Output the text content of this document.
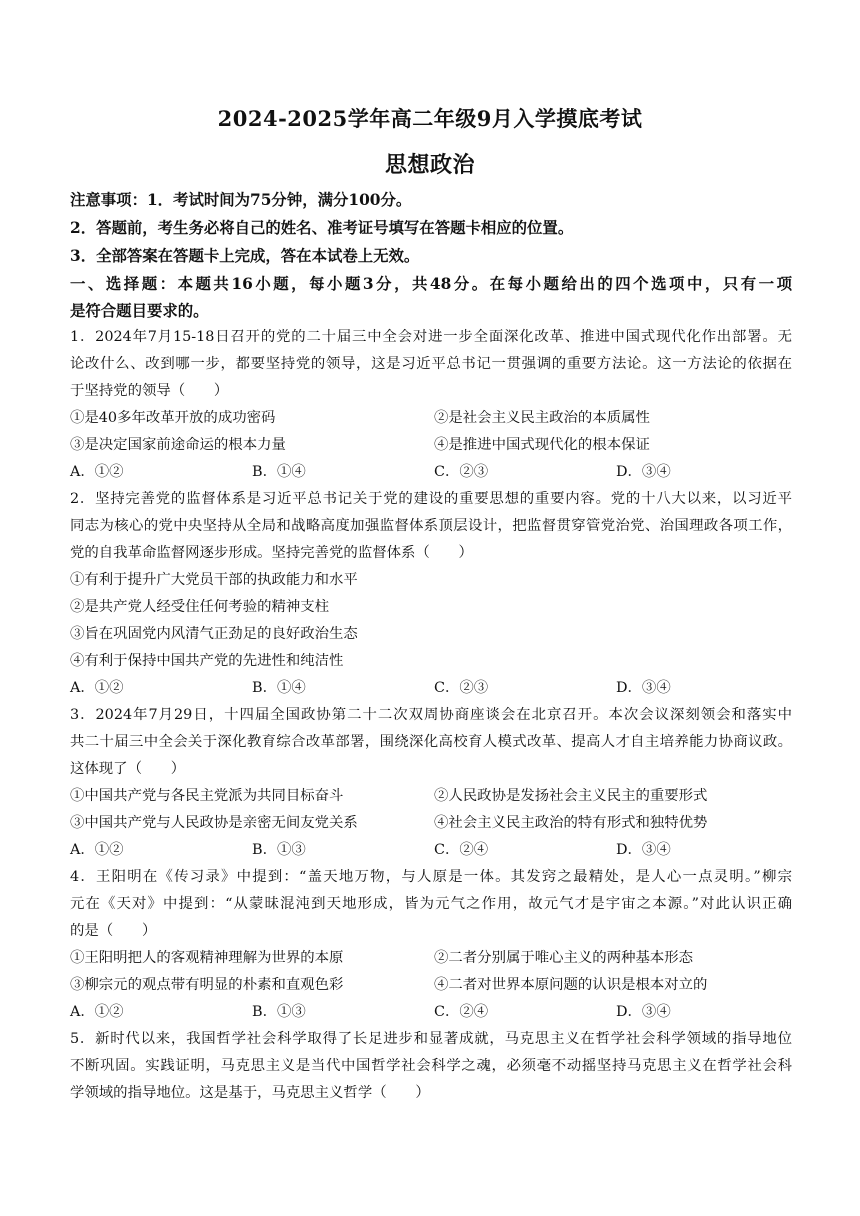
2024-2025学年高二年级9月入学摸底考试
思想政治
注意事项：1．考试时间为75分钟，满分100分。
2．答题前，考生务必将自己的姓名、准考证号填写在答题卡相应的位置。
3．全部答案在答题卡上完成，答在本试卷上无效。
一、选择题：本题共16小题，每小题3分，共48分。在每小题给出的四个选项中，只有一项
是符合题目要求的。
1．2024年7月15-18日召开的党的二十届三中全会对进一步全面深化改革、推进中国式现代化作出部署。无
论改什么、改到哪一步，都要坚持党的领导，这是习近平总书记一贯强调的重要方法论。这一方法论的依据在
于坚持党的领导（　　）
①是40多年改革开放的成功密码	②是社会主义民主政治的本质属性
③是决定国家前途命运的根本力量	④是推进中国式现代化的根本保证
A．①②	B．①④	C．②③	D．③④
2．坚持完善党的监督体系是习近平总书记关于党的建设的重要思想的重要内容。党的十八大以来，以习近平
同志为核心的党中央坚持从全局和战略高度加强监督体系顶层设计，把监督贯穿管党治党、治国理政各项工作，
党的自我革命监督网逐步形成。坚持完善党的监督体系（　　）
①有利于提升广大党员干部的执政能力和水平
②是共产党人经受住任何考验的精神支柱
③旨在巩固党内风清气正劲足的良好政治生态
④有利于保持中国共产党的先进性和纯洁性
A．①②	B．①④	C．②③	D．③④
3．2024年7月29日，十四届全国政协第二十二次双周协商座谈会在北京召开。本次会议深刻领会和落实中
共二十届三中全会关于深化教育综合改革部署，围绕深化高校育人模式改革、提高人才自主培养能力协商议政。
这体现了（　　）
①中国共产党与各民主党派为共同目标奋斗	②人民政协是发扬社会主义民主的重要形式
③中国共产党与人民政协是亲密无间友党关系	④社会主义民主政治的特有形式和独特优势
A．①②	B．①③	C．②④	D．③④
4．王阳明在《传习录》中提到：“盖天地万物，与人原是一体。其发窍之最精处，是人心一点灵明。”柳宗
元在《天对》中提到：“从蒙昧混沌到天地形成，皆为元气之作用，故元气才是宇宙之本源。”对此认识正确
的是（　　）
①王阳明把人的客观精神理解为世界的本原	②二者分别属于唯心主义的两种基本形态
③柳宗元的观点带有明显的朴素和直观色彩	④二者对世界本原问题的认识是根本对立的
A．①②	B．①③	C．②④	D．③④
5．新时代以来，我国哲学社会科学取得了长足进步和显著成就，马克思主义在哲学社会科学领域的指导地位
不断巩固。实践证明，马克思主义是当代中国哲学社会科学之魂，必须毫不动摇坚持马克思主义在哲学社会科
学领域的指导地位。这是基于，马克思主义哲学（　　）
